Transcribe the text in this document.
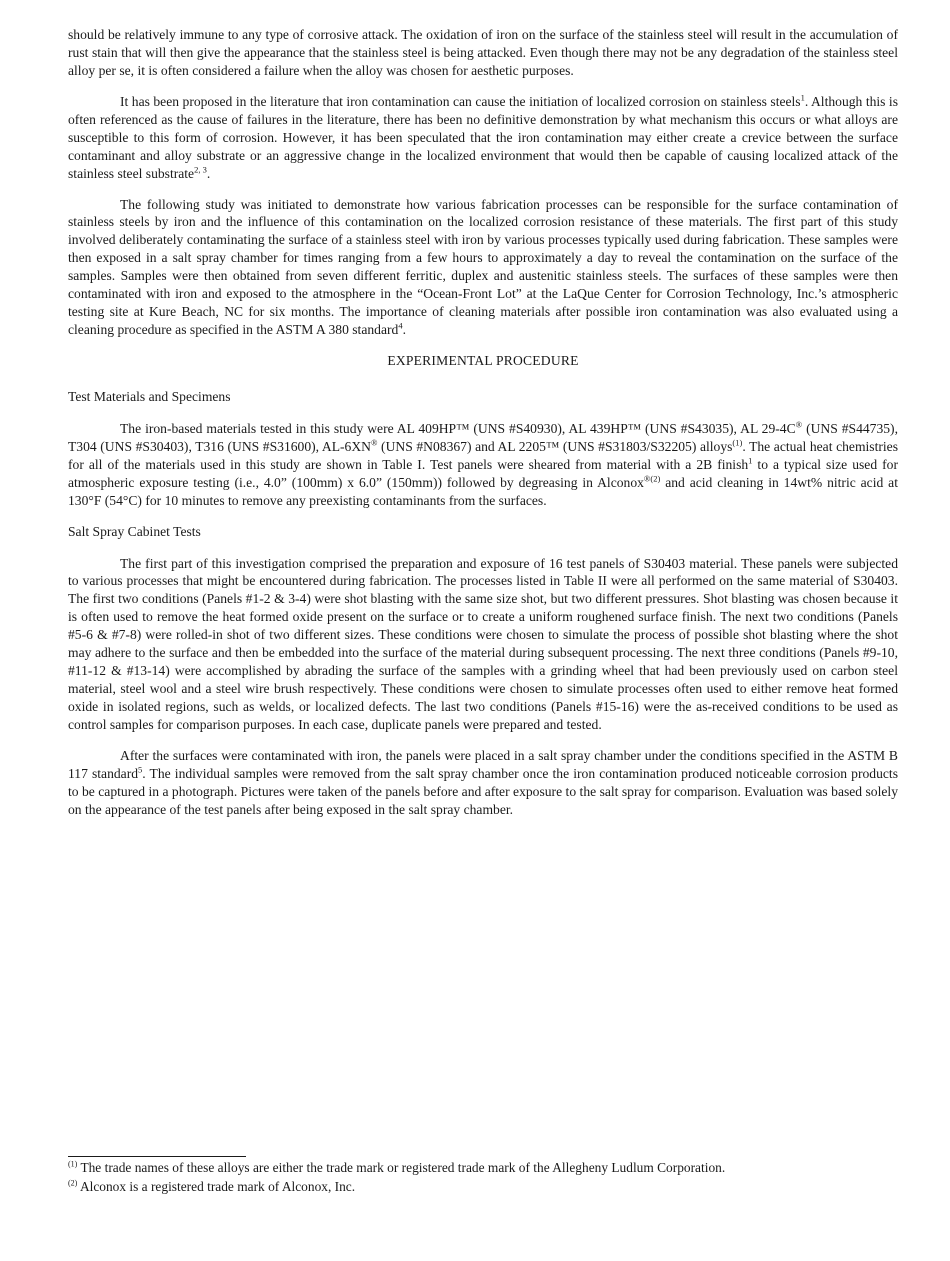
should be relatively immune to any type of corrosive attack. The oxidation of iron on the surface of the stainless steel will result in the accumulation of rust stain that will then give the appearance that the stainless steel is being attacked. Even though there may not be any degradation of the stainless steel alloy per se, it is often considered a failure when the alloy was chosen for aesthetic purposes.

It has been proposed in the literature that iron contamination can cause the initiation of localized corrosion on stainless steels$^1$. Although this is often referenced as the cause of failures in the literature, there has been no definitive demonstration by what mechanism this occurs or what alloys are susceptible to this form of corrosion. However, it has been speculated that the iron contamination may either create a crevice between the surface contaminant and alloy substrate or an aggressive change in the localized environment that would then be capable of causing localized attack of the stainless steel substrate$^{2, 3}$.

The following study was initiated to demonstrate how various fabrication processes can be responsible for the surface contamination of stainless steels by iron and the influence of this contamination on the localized corrosion resistance of these materials. The first part of this study involved deliberately contaminating the surface of a stainless steel with iron by various processes typically used during fabrication. These samples were then exposed in a salt spray chamber for times ranging from a few hours to approximately a day to reveal the contamination on the surface of the samples. Samples were then obtained from seven different ferritic, duplex and austenitic stainless steels. The surfaces of these samples were then contaminated with iron and exposed to the atmosphere in the “Ocean-Front Lot” at the LaQue Center for Corrosion Technology, Inc.’s atmospheric testing site at Kure Beach, NC for six months. The importance of cleaning materials after possible iron contamination was also evaluated using a cleaning procedure as specified in the ASTM A 380 standard$^4$.

EXPERIMENTAL PROCEDURE
Test Materials and Specimens

The iron-based materials tested in this study were AL 409HP™ (UNS #S40930), AL 439HP™ (UNS #S43035), AL 29-4C® (UNS #S44735), T304 (UNS #S30403), T316 (UNS #S31600), AL-6XN® (UNS #N08367) and AL 2205™ (UNS #S31803/S32205) alloys$^{(1)}$. The actual heat chemistries for all of the materials used in this study are shown in Table I. Test panels were sheared from material with a 2B finish$^1$ to a typical size used for atmospheric exposure testing (i.e., 4.0” (100mm) x 6.0” (150mm)) followed by degreasing in Alconox$^{®(2)}$ and acid cleaning in 14wt% nitric acid at 130°F (54°C) for 10 minutes to remove any preexisting contaminants from the surfaces.

Salt Spray Cabinet Tests

The first part of this investigation comprised the preparation and exposure of 16 test panels of S30403 material. These panels were subjected to various processes that might be encountered during fabrication. The processes listed in Table II were all performed on the same material of S30403. The first two conditions (Panels #1-2 & 3-4) were shot blasting with the same size shot, but two different pressures. Shot blasting was chosen because it is often used to remove the heat formed oxide present on the surface or to create a uniform roughened surface finish. The next two conditions (Panels #5-6 & #7-8) were rolled-in shot of two different sizes. These conditions were chosen to simulate the process of possible shot blasting where the shot may adhere to the surface and then be embedded into the surface of the material during subsequent processing. The next three conditions (Panels #9-10, #11-12 & #13-14) were accomplished by abrading the surface of the samples with a grinding wheel that had been previously used on carbon steel material, steel wool and a steel wire brush respectively. These conditions were chosen to simulate processes often used to either remove heat formed oxide in isolated regions, such as welds, or localized defects. The last two conditions (Panels #15-16) were the as-received conditions to be used as control samples for comparison purposes. In each case, duplicate panels were prepared and tested.

After the surfaces were contaminated with iron, the panels were placed in a salt spray chamber under the conditions specified in the ASTM B 117 standard$^5$. The individual samples were removed from the salt spray chamber once the iron contamination produced noticeable corrosion products to be captured in a photograph. Pictures were taken of the panels before and after exposure to the salt spray for comparison. Evaluation was based solely on the appearance of the test panels after being exposed in the salt spray chamber.

$^{(1)}$ The trade names of these alloys are either the trade mark or registered trade mark of the Allegheny Ludlum Corporation.

$^{(2)}$ Alconox is a registered trade mark of Alconox, Inc.
